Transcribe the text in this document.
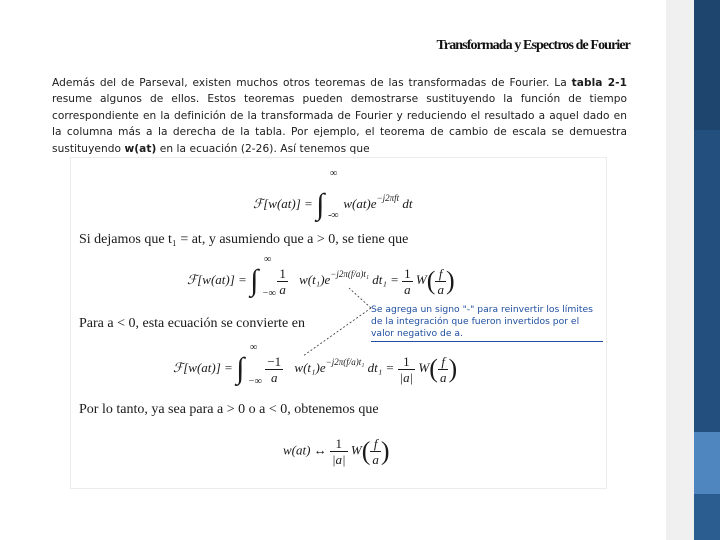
Transformada y Espectros de Fourier
Además del de Parseval, existen muchos otros teoremas de las transformadas de Fourier. La tabla 2-1 resume algunos de ellos. Estos teoremas pueden demostrarse sustituyendo la función de tiempo correspondiente en la definición de la transformada de Fourier y reduciendo el resultado a aquel dado en la columna más a la derecha de la tabla. Por ejemplo, el teorema de cambio de escala se demuestra sustituyendo w(at) en la ecuación (2-26). Así tenemos que
ℱ[w(at)] = ∫
∞
-∞
$w(at)e^{-j2\pi ft}$ dt
Si dejamos que t₁ = at, y asumiendo que a > 0, se tiene que
ℱ[w(at)] = ∫
∞
−∞
$\frac{1}{a} w(t_1)e^{-j2\pi(f/a)t_1}$ $dt_1 = \frac{1}{a} W( \frac{f}{a}$ )
Para a < 0, esta ecuación se convierte en
Se agrega un signo "-" para reinvertir los límites de la integración que fueron invertidos por el valor negativo de a.
ℱ[w(at)] = ∫
∞
−∞
$\frac{-1}{a} w(t_1)e^{-j2\pi(f/a)t_1}$ $dt_1 = \frac{1}{|a|} W( \frac{f}{a}$ )
Por lo tanto, ya sea para a > 0 o a < 0, obtenemos que
w(at) ↔ $\frac{1}{|a|} W( \frac{f}{a}$ )
